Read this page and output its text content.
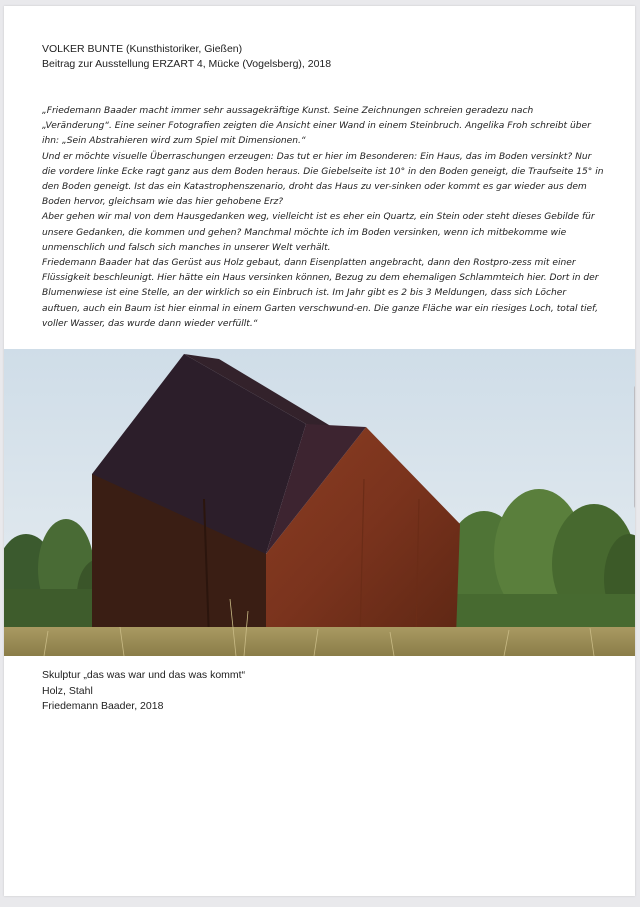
VOLKER BUNTE (Kunsthistoriker, Gießen)
Beitrag zur Ausstellung ERZART 4, Mücke (Vogelsberg), 2018

„Friedemann Baader macht immer sehr aussagekräftige Kunst. Seine Zeichnungen schreien geradezu nach „Veränderung“. Eine seiner Fotografien zeigten die Ansicht einer Wand in einem Steinbruch. Angelika Froh schreibt über ihn: „Sein Abstrahieren wird zum Spiel mit Dimensionen.“

Und er möchte visuelle Überraschungen erzeugen: Das tut er hier im Besonderen: Ein Haus, das im Boden versinkt? Nur die vordere linke Ecke ragt ganz aus dem Boden heraus. Die Giebelseite ist 10° in den Boden geneigt, die Traufseite 15° in den Boden geneigt. Ist das ein Katastrophenszenario, droht das Haus zu ver-sinken oder kommt es gar wieder aus dem Boden hervor, gleichsam wie das hier gehobene Erz?

Aber gehen wir mal von dem Hausgedanken weg, vielleicht ist es eher ein Quartz, ein Stein oder steht dieses Gebilde für unsere Gedanken, die kommen und gehen? Manchmal möchte ich im Boden versinken, wenn ich mitbekomme wie unmenschlich und falsch sich manches in unserer Welt verhält.

Friedemann Baader hat das Gerüst aus Holz gebaut, dann Eisenplatten angebracht, dann den Rostpro-zess mit einer Flüssigkeit beschleunigt. Hier hätte ein Haus versinken können, Bezug zu dem ehemaligen Schlammteich hier. Dort in der Blumenwiese ist eine Stelle, an der wirklich so ein Einbruch ist. Im Jahr gibt es 2 bis 3 Meldungen, dass sich Löcher auftuen, auch ein Baum ist hier einmal in einem Garten verschwund-en. Die ganze Fläche war ein riesiges Loch, total tief, voller Wasser, das wurde dann wieder verfüllt.“

Skulptur „das was war und das was kommt“
Holz, Stahl
Friedemann Baader, 2018
